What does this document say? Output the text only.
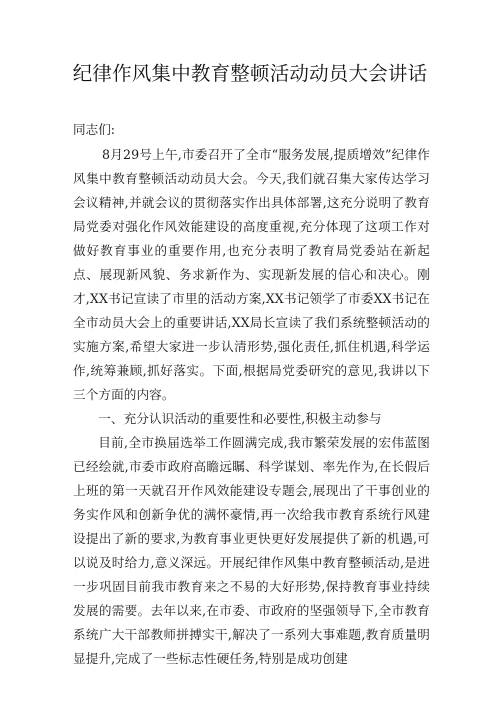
纪律作风集中教育整顿活动动员大会讲话

同志们:

8月29号上午,市委召开了全市“服务发展,提质增效”纪律作风集中教育整顿活动动员大会。今天,我们就召集大家传达学习会议精神,并就会议的贯彻落实作出具体部署,这充分说明了教育局党委对强化作风效能建设的高度重视,充分体现了这项工作对做好教育事业的重要作用,也充分表明了教育局党委站在新起点、展现新风貌、务求新作为、实现新发展的信心和决心。刚才,XX书记宣读了市里的活动方案,XX书记领学了市委XX书记在全市动员大会上的重要讲话,XX局长宣读了我们系统整顿活动的实施方案,希望大家进一步认清形势,强化责任,抓住机遇,科学运作,统筹兼顾,抓好落实。下面,根据局党委研究的意见,我讲以下三个方面的内容。

一、充分认识活动的重要性和必要性,积极主动参与

目前,全市换届选举工作圆满完成,我市繁荣发展的宏伟蓝图已经绘就,市委市政府高瞻远瞩、科学谋划、率先作为,在长假后上班的第一天就召开作风效能建设专题会,展现出了干事创业的务实作风和创新争优的满怀豪情,再一次给我市教育系统行风建设提出了新的要求,为教育事业更快更好发展提供了新的机遇,可以说及时给力,意义深远。开展纪律作风集中教育整顿活动,是进一步巩固目前我市教育来之不易的大好形势,保持教育事业持续发展的需要。去年以来,在市委、市政府的坚强领导下,全市教育系统广大干部教师拼搏实干,解决了一系列大事难题,教育质量明显提升,完成了一些标志性硬任务,特别是成功创建
